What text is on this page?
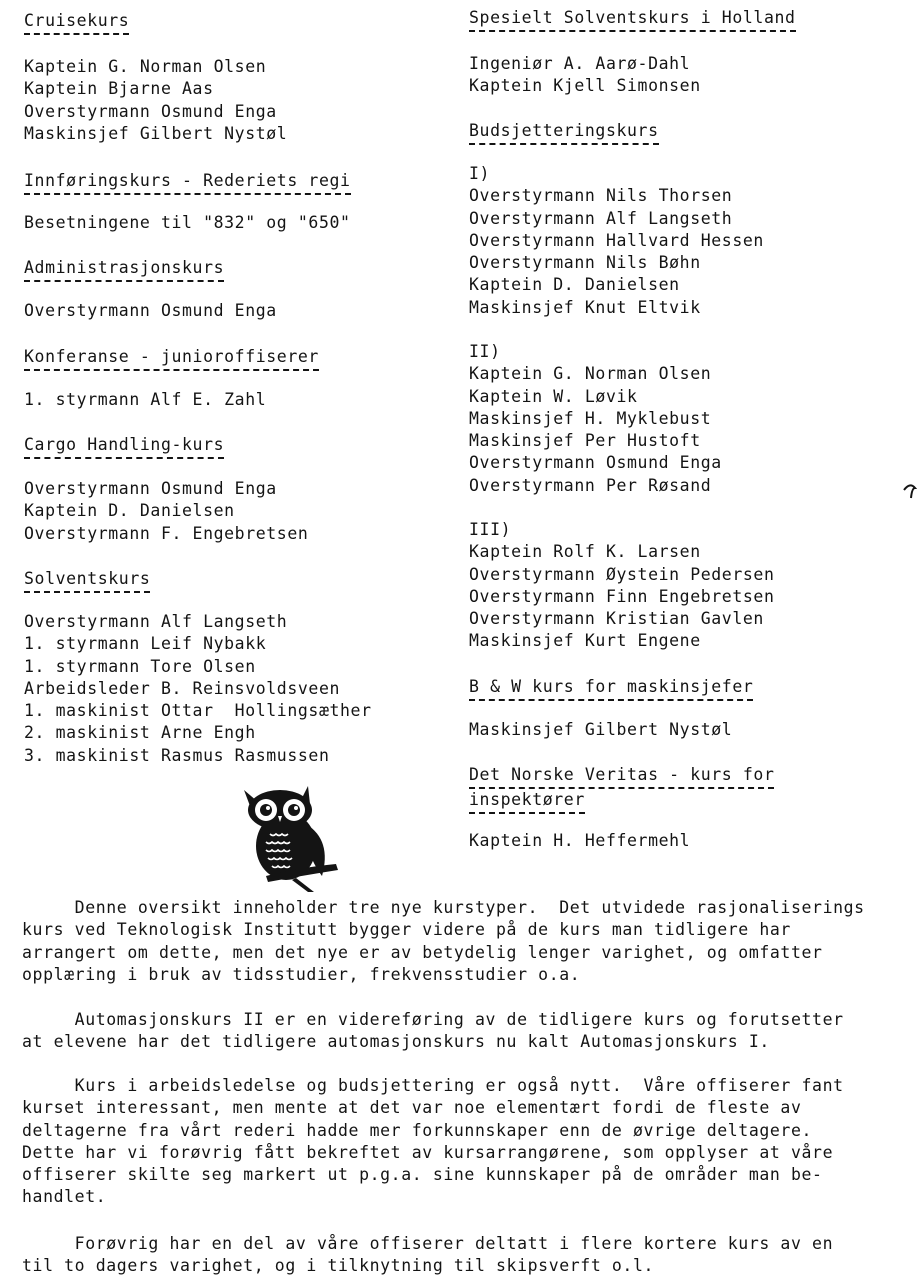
Cruisekurs
Kaptein G. Norman Olsen
Kaptein Bjarne Aas
Overstyrmann Osmund Enga
Maskinsjef Gilbert Nystøl
Innføringskurs - Rederiets regi
Besetningene til "832" og "650"
Administrasjonskurs
Overstyrmann Osmund Enga
Konferanse - junioroffiserer
1. styrmann Alf E. Zahl
Cargo Handling-kurs
Overstyrmann Osmund Enga
Kaptein D. Danielsen
Overstyrmann F. Engebretsen
Solventskurs
Overstyrmann Alf Langseth
1. styrmann Leif Nybakk
1. styrmann Tore Olsen
Arbeidsleder B. Reinsvoldsveen
1. maskinist Ottar  Hollingsæther
2. maskinist Arne Engh
3. maskinist Rasmus Rasmussen
Spesielt Solventskurs i Holland
Ingeniør A. Aarø-Dahl
Kaptein Kjell Simonsen
Budsjetteringskurs
I)
Overstyrmann Nils Thorsen
Overstyrmann Alf Langseth
Overstyrmann Hallvard Hessen
Overstyrmann Nils Bøhn
Kaptein D. Danielsen
Maskinsjef Knut Eltvik
II)
Kaptein G. Norman Olsen
Kaptein W. Løvik
Maskinsjef H. Myklebust
Maskinsjef Per Hustoft
Overstyrmann Osmund Enga
Overstyrmann Per Røsand
III)
Kaptein Rolf K. Larsen
Overstyrmann Øystein Pedersen
Overstyrmann Finn Engebretsen
Overstyrmann Kristian Gavlen
Maskinsjef Kurt Engene
B & W kurs for maskinsjefer
Maskinsjef Gilbert Nystøl
Det Norske Veritas - kurs for
inspektører
Kaptein H. Heffermehl

Denne oversikt inneholder tre nye kurstyper.  Det utvidede rasjonaliserings
kurs ved Teknologisk Institutt bygger videre på de kurs man tidligere har
arrangert om dette, men det nye er av betydelig lenger varighet, og omfatter
opplæring i bruk av tidsstudier, frekvensstudier o.a.

Automasjonskurs II er en videreføring av de tidligere kurs og forutsetter
at elevene har det tidligere automasjonskurs nu kalt Automasjonskurs I.

Kurs i arbeidsledelse og budsjettering er også nytt.  Våre offiserer fant
kurset interessant, men mente at det var noe elementært fordi de fleste av
deltagerne fra vårt rederi hadde mer forkunnskaper enn de øvrige deltagere.
Dette har vi forøvrig fått bekreftet av kursarrangørene, som opplyser at våre
offiserer skilte seg markert ut p.g.a. sine kunnskaper på de områder man be-
handlet.

Forøvrig har en del av våre offiserer deltatt i flere kortere kurs av en
til to dagers varighet, og i tilknytning til skipsverft o.l.
